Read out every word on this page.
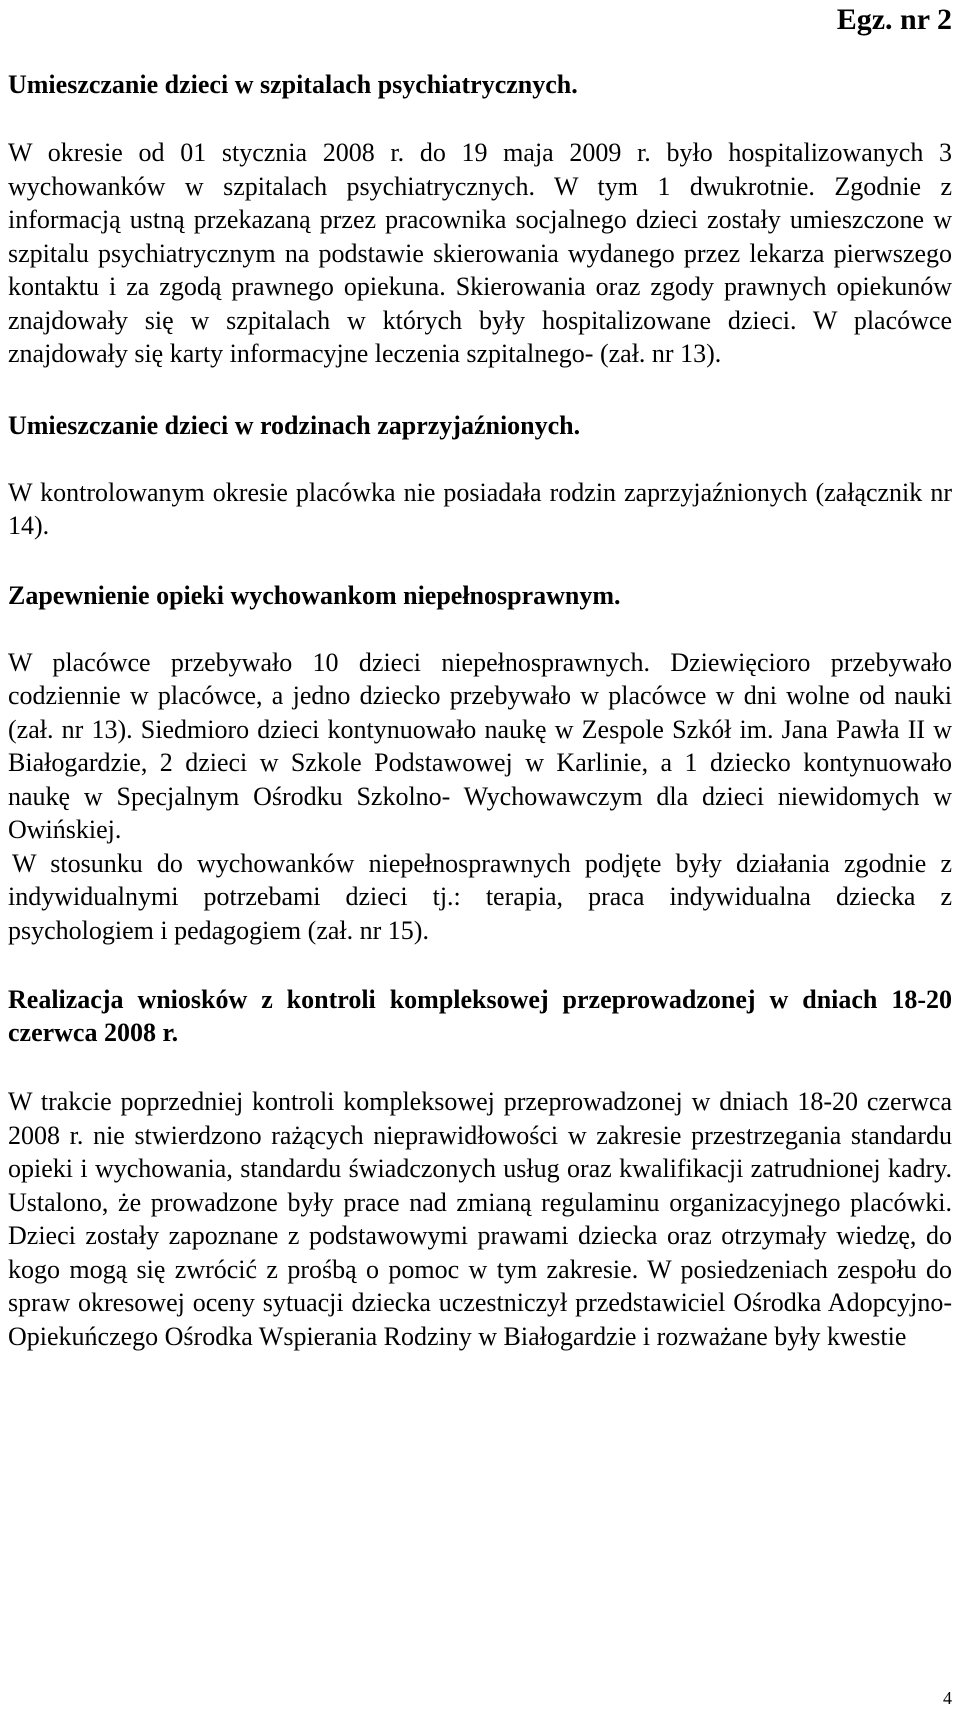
Egz. nr 2

Umieszczanie dzieci w szpitalach psychiatrycznych.

W okresie od 01 stycznia 2008 r. do 19 maja 2009 r. było hospitalizowanych 3 wychowanków w szpitalach psychiatrycznych. W tym 1 dwukrotnie. Zgodnie z informacją ustną przekazaną przez pracownika socjalnego dzieci zostały umieszczone w szpitalu psychiatrycznym na podstawie skierowania wydanego przez lekarza pierwszego kontaktu i za zgodą prawnego opiekuna. Skierowania oraz zgody prawnych opiekunów znajdowały się w szpitalach w których były hospitalizowane dzieci. W placówce znajdowały się karty informacyjne leczenia szpitalnego- (zał. nr 13).

Umieszczanie dzieci w rodzinach zaprzyjaźnionych.

W kontrolowanym okresie placówka nie posiadała rodzin zaprzyjaźnionych (załącznik nr 14).

Zapewnienie opieki wychowankom niepełnosprawnym.

W placówce przebywało 10 dzieci niepełnosprawnych. Dziewięcioro przebywało codziennie w placówce, a jedno dziecko przebywało w placówce w dni wolne od nauki (zał. nr 13). Siedmioro dzieci kontynuowało naukę w Zespole Szkół im. Jana Pawła II w Białogardzie, 2 dzieci w Szkole Podstawowej w Karlinie, a 1 dziecko kontynuowało naukę w Specjalnym Ośrodku Szkolno- Wychowawczym dla dzieci niewidomych w Owińskiej.

W stosunku do wychowanków niepełnosprawnych podjęte były działania zgodnie z indywidualnymi potrzebami dzieci tj.: terapia, praca indywidualna dziecka z psychologiem i pedagogiem (zał. nr 15).

Realizacja wniosków z kontroli kompleksowej przeprowadzonej w dniach 18-20 czerwca 2008 r.

W trakcie poprzedniej kontroli kompleksowej przeprowadzonej w dniach 18-20 czerwca 2008 r. nie stwierdzono rażących nieprawidłowości w zakresie przestrzegania standardu opieki i wychowania, standardu świadczonych usług oraz kwalifikacji zatrudnionej kadry. Ustalono, że prowadzone były prace nad zmianą regulaminu organizacyjnego placówki. Dzieci zostały zapoznane z podstawowymi prawami dziecka oraz otrzymały wiedzę, do kogo mogą się zwrócić z prośbą o pomoc w tym zakresie. W posiedzeniach zespołu do spraw okresowej oceny sytuacji dziecka uczestniczył przedstawiciel Ośrodka Adopcyjno- Opiekuńczego Ośrodka Wspierania Rodziny w Białogardzie i rozważane były kwestie

4
